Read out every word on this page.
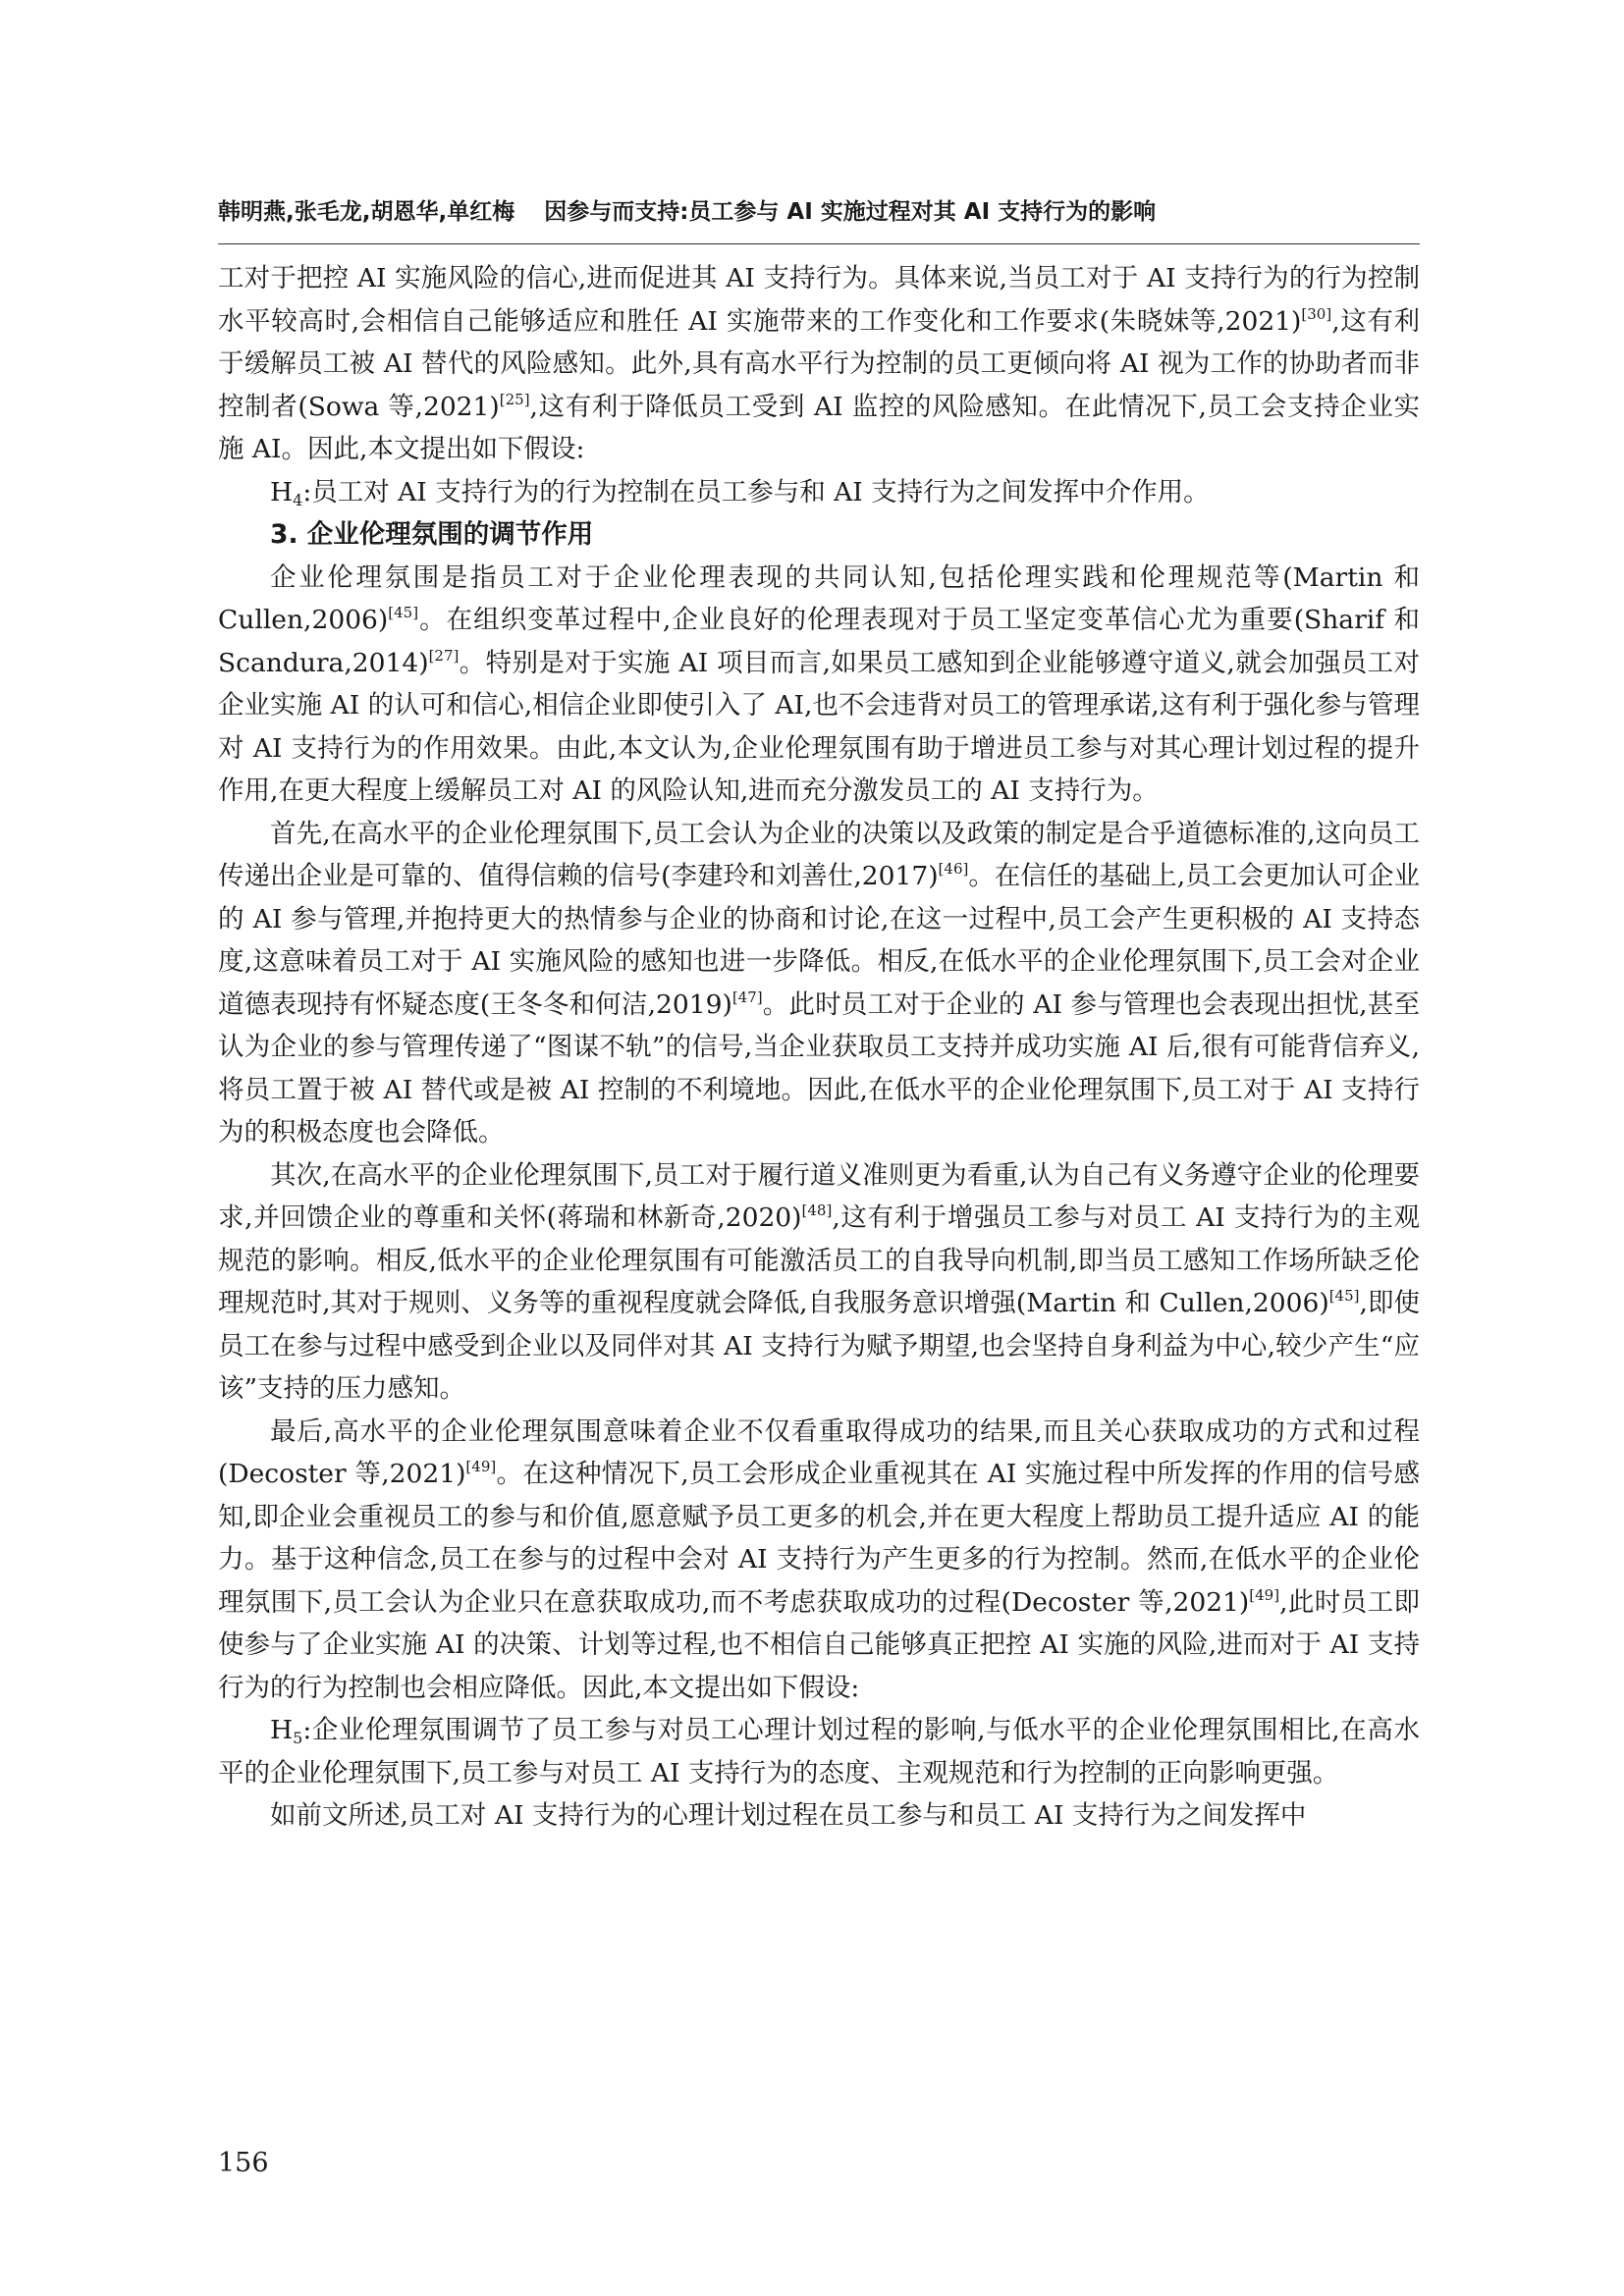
韩明燕,张毛龙,胡恩华,单红梅 因参与而支持:员工参与 AI 实施过程对其 AI 支持行为的影响

工对于把控 AI 实施风险的信心,进而促进其 AI 支持行为。具体来说,当员工对于 AI 支持行为的行为控制水平较高时,会相信自己能够适应和胜任 AI 实施带来的工作变化和工作要求(朱晓妹等,2021)[30],这有利于缓解员工被 AI 替代的风险感知。此外,具有高水平行为控制的员工更倾向将 AI 视为工作的协助者而非控制者(Sowa 等,2021)[25],这有利于降低员工受到 AI 监控的风险感知。在此情况下,员工会支持企业实施 AI。因此,本文提出如下假设:

$H_4$:员工对 AI 支持行为的行为控制在员工参与和 AI 支持行为之间发挥中介作用。

3. 企业伦理氛围的调节作用

企业伦理氛围是指员工对于企业伦理表现的共同认知,包括伦理实践和伦理规范等(Martin 和 Cullen,2006)[45]。在组织变革过程中,企业良好的伦理表现对于员工坚定变革信心尤为重要(Sharif 和 Scandura,2014)[27]。特别是对于实施 AI 项目而言,如果员工感知到企业能够遵守道义,就会加强员工对企业实施 AI 的认可和信心,相信企业即使引入了 AI,也不会违背对员工的管理承诺,这有利于强化参与管理对 AI 支持行为的作用效果。由此,本文认为,企业伦理氛围有助于增进员工参与对其心理计划过程的提升作用,在更大程度上缓解员工对 AI 的风险认知,进而充分激发员工的 AI 支持行为。

首先,在高水平的企业伦理氛围下,员工会认为企业的决策以及政策的制定是合乎道德标准的,这向员工传递出企业是可靠的、值得信赖的信号(李建玲和刘善仕,2017)[46]。在信任的基础上,员工会更加认可企业的 AI 参与管理,并抱持更大的热情参与企业的协商和讨论,在这一过程中,员工会产生更积极的 AI 支持态度,这意味着员工对于 AI 实施风险的感知也进一步降低。相反,在低水平的企业伦理氛围下,员工会对企业道德表现持有怀疑态度(王冬冬和何洁,2019)[47]。此时员工对于企业的 AI 参与管理也会表现出担忧,甚至认为企业的参与管理传递了“图谋不轨”的信号,当企业获取员工支持并成功实施 AI 后,很有可能背信弃义,将员工置于被 AI 替代或是被 AI 控制的不利境地。因此,在低水平的企业伦理氛围下,员工对于 AI 支持行为的积极态度也会降低。

其次,在高水平的企业伦理氛围下,员工对于履行道义准则更为看重,认为自己有义务遵守企业的伦理要求,并回馈企业的尊重和关怀(蒋瑞和林新奇,2020)[48],这有利于增强员工参与对员工 AI 支持行为的主观规范的影响。相反,低水平的企业伦理氛围有可能激活员工的自我导向机制,即当员工感知工作场所缺乏伦理规范时,其对于规则、义务等的重视程度就会降低,自我服务意识增强(Martin 和 Cullen,2006)[45],即使员工在参与过程中感受到企业以及同伴对其 AI 支持行为赋予期望,也会坚持自身利益为中心,较少产生“应该”支持的压力感知。

最后,高水平的企业伦理氛围意味着企业不仅看重取得成功的结果,而且关心获取成功的方式和过程(Decoster 等,2021)[49]。在这种情况下,员工会形成企业重视其在 AI 实施过程中所发挥的作用的信号感知,即企业会重视员工的参与和价值,愿意赋予员工更多的机会,并在更大程度上帮助员工提升适应 AI 的能力。基于这种信念,员工在参与的过程中会对 AI 支持行为产生更多的行为控制。然而,在低水平的企业伦理氛围下,员工会认为企业只在意获取成功,而不考虑获取成功的过程(Decoster 等,2021)[49],此时员工即使参与了企业实施 AI 的决策、计划等过程,也不相信自己能够真正把控 AI 实施的风险,进而对于 AI 支持行为的行为控制也会相应降低。因此,本文提出如下假设:

$H_5$:企业伦理氛围调节了员工参与对员工心理计划过程的影响,与低水平的企业伦理氛围相比,在高水平的企业伦理氛围下,员工参与对员工 AI 支持行为的态度、主观规范和行为控制的正向影响更强。

如前文所述,员工对 AI 支持行为的心理计划过程在员工参与和员工 AI 支持行为之间发挥中

156
